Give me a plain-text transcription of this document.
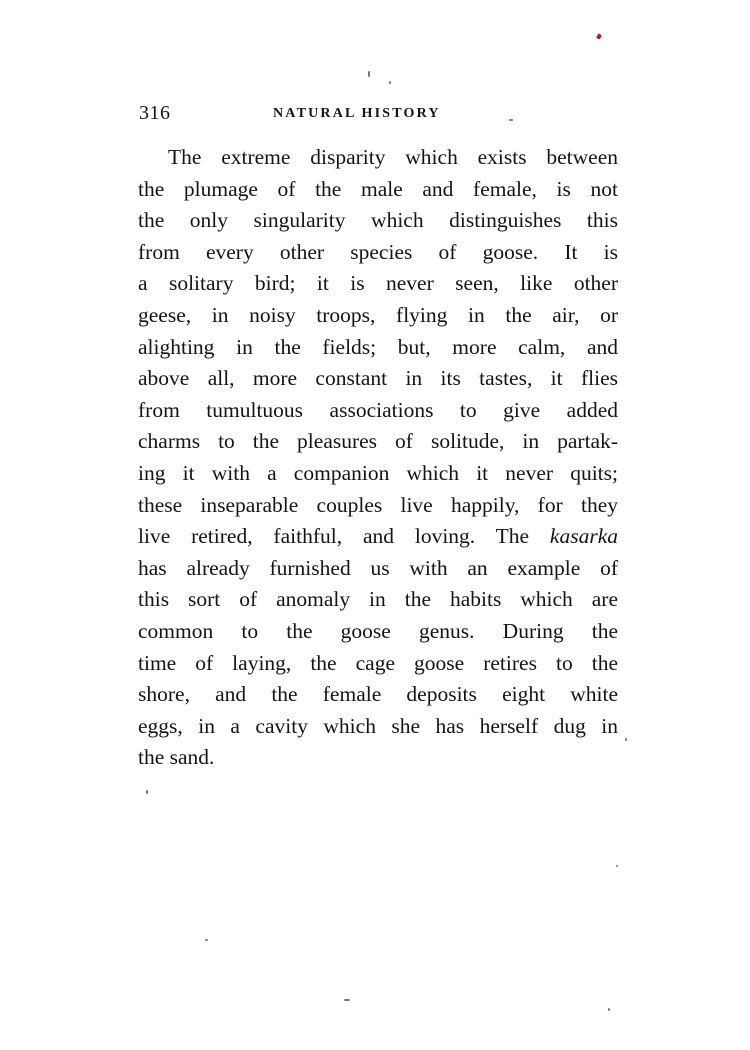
316	NATURAL HISTORY
The extreme disparity which exists between
the plumage of the male and female, is not
the only singularity which distinguishes this
from every other species of goose. It is
a solitary bird; it is never seen, like other
geese, in noisy troops, flying in the air, or
alighting in the fields; but, more calm, and
above all, more constant in its tastes, it flies
from tumultuous associations to give added
charms to the pleasures of solitude, in partak-
ing it with a companion which it never quits;
these inseparable couples live happily, for they
live retired, faithful, and loving. The kasarka
has already furnished us with an example of
this sort of anomaly in the habits which are
common to the goose genus. During the
time of laying, the cage goose retires to the
shore, and the female deposits eight white
eggs, in a cavity which she has herself dug in
the sand.
